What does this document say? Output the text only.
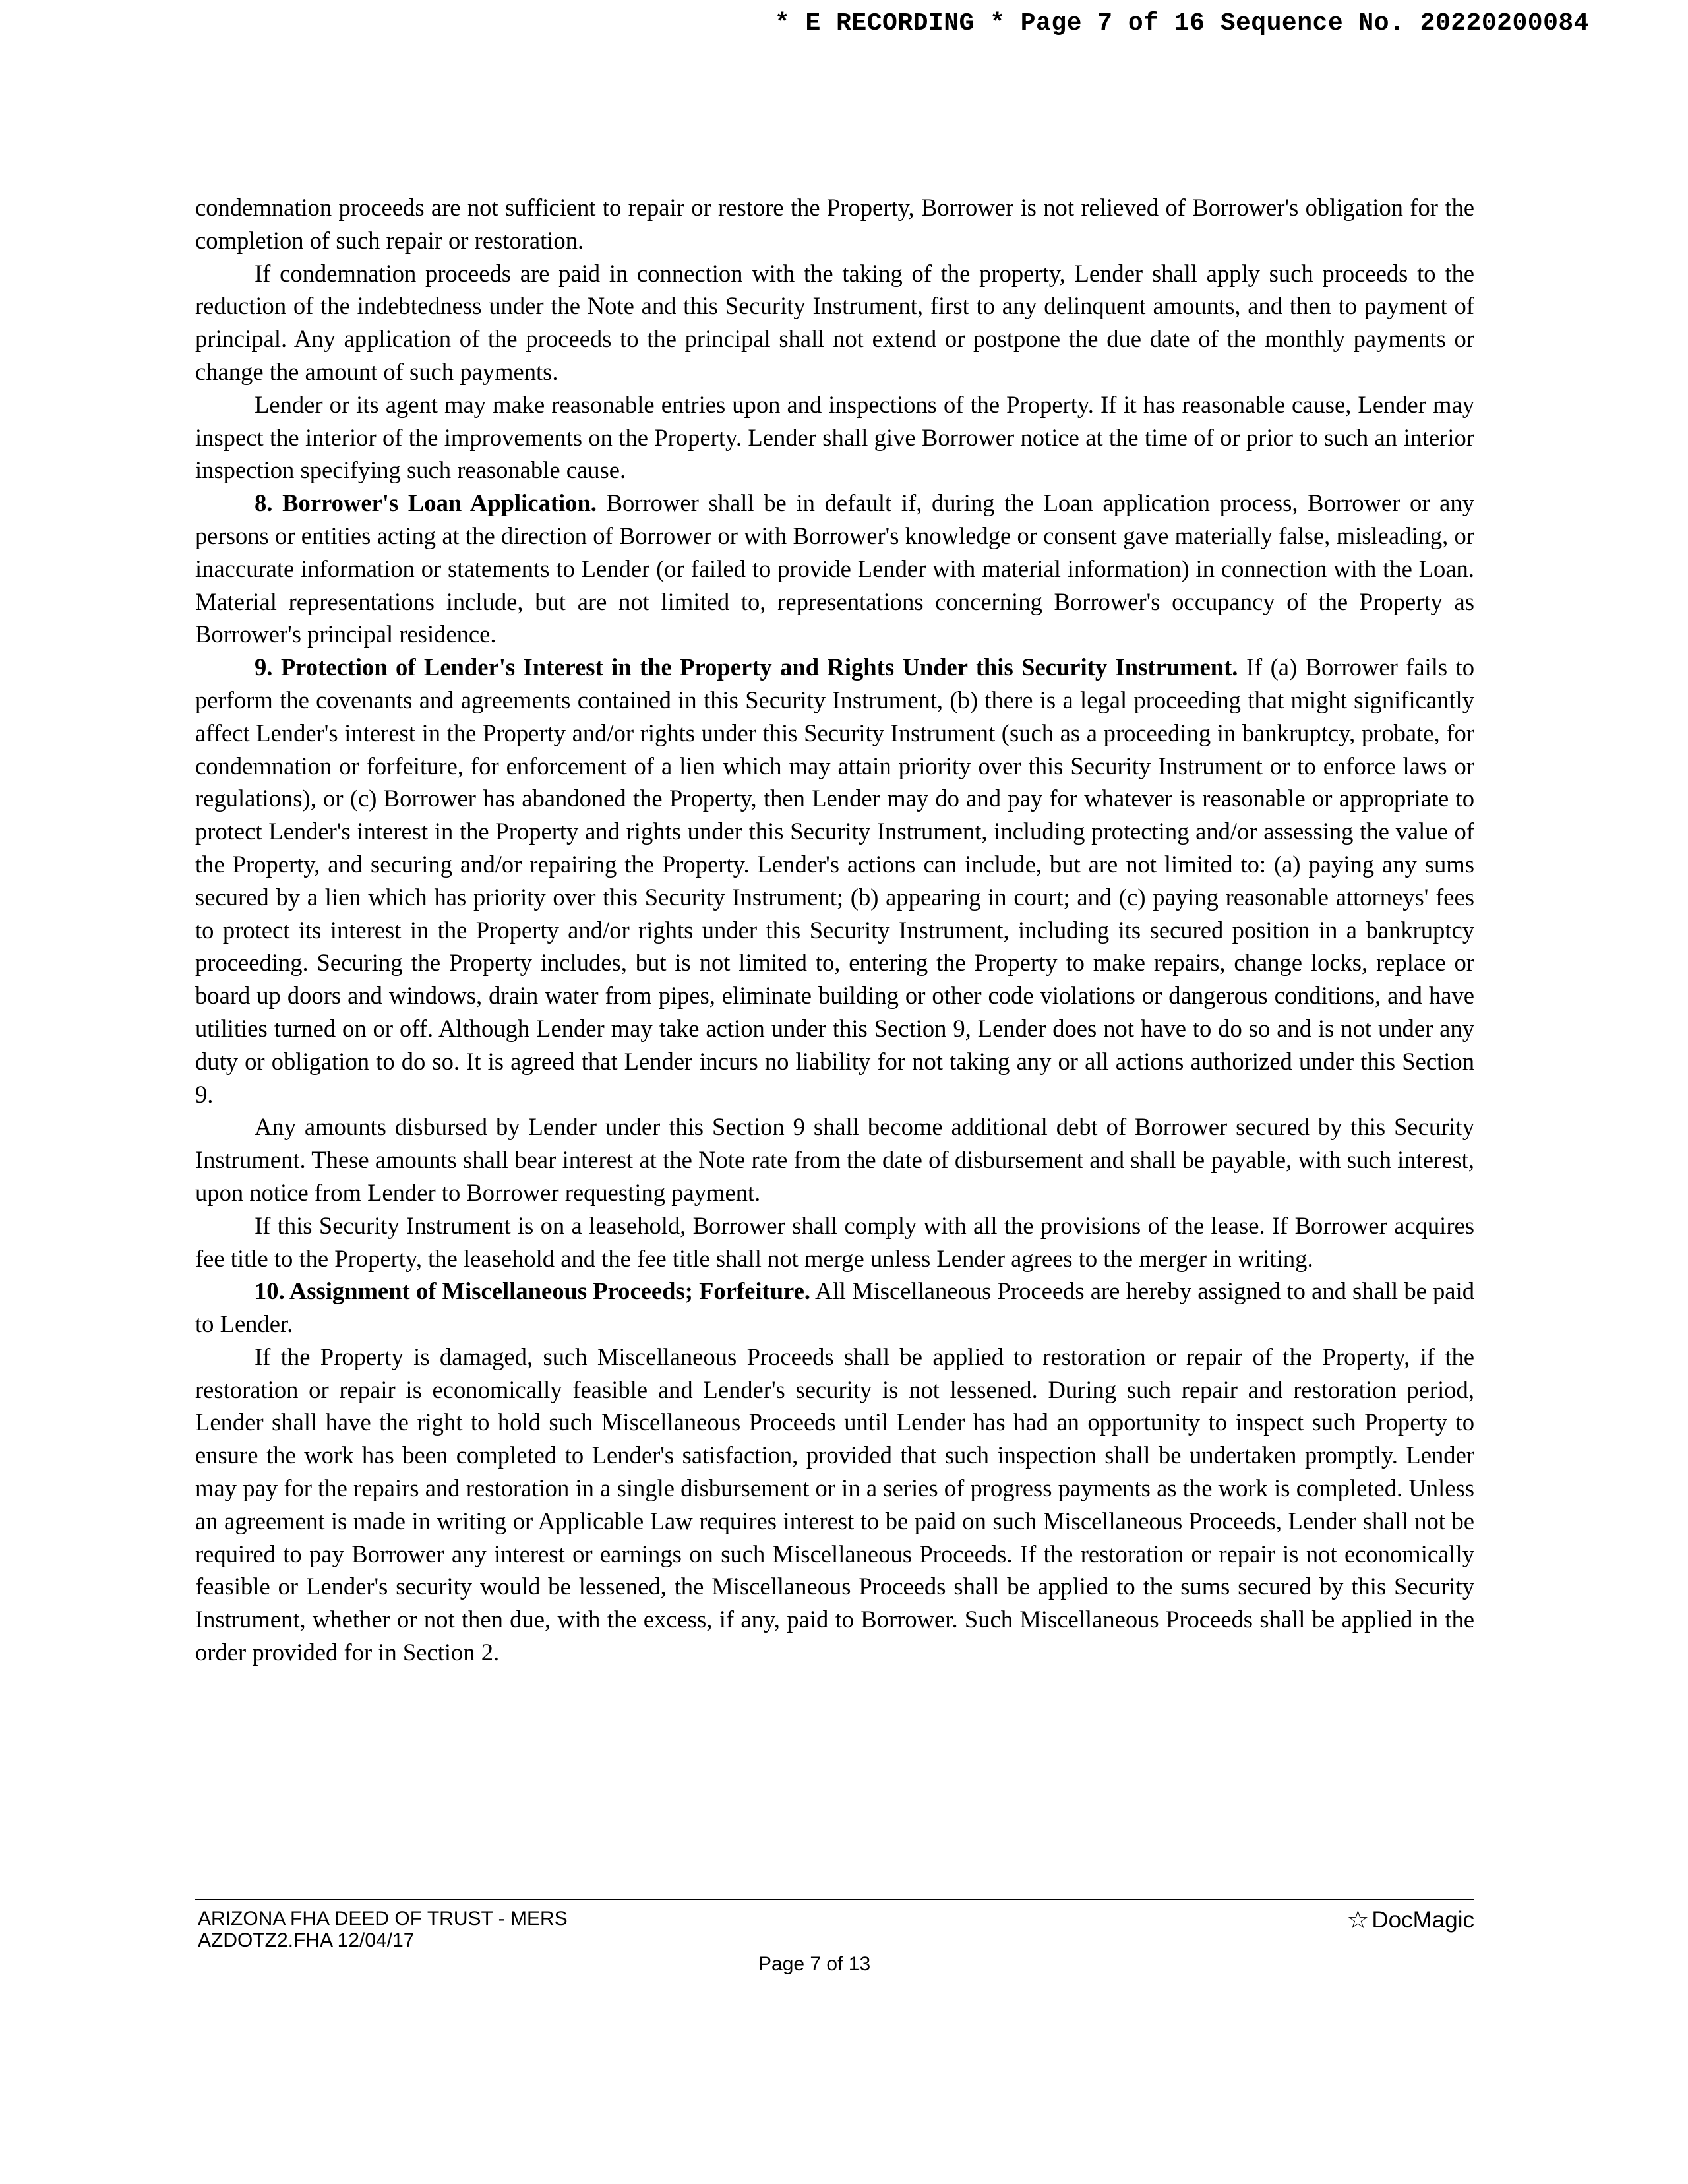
* E RECORDING * Page 7 of 16 Sequence No. 20220200084

condemnation proceeds are not sufficient to repair or restore the Property, Borrower is not relieved of Borrower's obligation for the completion of such repair or restoration.

If condemnation proceeds are paid in connection with the taking of the property, Lender shall apply such proceeds to the reduction of the indebtedness under the Note and this Security Instrument, first to any delinquent amounts, and then to payment of principal. Any application of the proceeds to the principal shall not extend or postpone the due date of the monthly payments or change the amount of such payments.

Lender or its agent may make reasonable entries upon and inspections of the Property. If it has reasonable cause, Lender may inspect the interior of the improvements on the Property. Lender shall give Borrower notice at the time of or prior to such an interior inspection specifying such reasonable cause.

8. Borrower's Loan Application. Borrower shall be in default if, during the Loan application process, Borrower or any persons or entities acting at the direction of Borrower or with Borrower's knowledge or consent gave materially false, misleading, or inaccurate information or statements to Lender (or failed to provide Lender with material information) in connection with the Loan. Material representations include, but are not limited to, representations concerning Borrower's occupancy of the Property as Borrower's principal residence.

9. Protection of Lender's Interest in the Property and Rights Under this Security Instrument. If (a) Borrower fails to perform the covenants and agreements contained in this Security Instrument, (b) there is a legal proceeding that might significantly affect Lender's interest in the Property and/or rights under this Security Instrument (such as a proceeding in bankruptcy, probate, for condemnation or forfeiture, for enforcement of a lien which may attain priority over this Security Instrument or to enforce laws or regulations), or (c) Borrower has abandoned the Property, then Lender may do and pay for whatever is reasonable or appropriate to protect Lender's interest in the Property and rights under this Security Instrument, including protecting and/or assessing the value of the Property, and securing and/or repairing the Property. Lender's actions can include, but are not limited to: (a) paying any sums secured by a lien which has priority over this Security Instrument; (b) appearing in court; and (c) paying reasonable attorneys' fees to protect its interest in the Property and/or rights under this Security Instrument, including its secured position in a bankruptcy proceeding. Securing the Property includes, but is not limited to, entering the Property to make repairs, change locks, replace or board up doors and windows, drain water from pipes, eliminate building or other code violations or dangerous conditions, and have utilities turned on or off. Although Lender may take action under this Section 9, Lender does not have to do so and is not under any duty or obligation to do so. It is agreed that Lender incurs no liability for not taking any or all actions authorized under this Section 9.

Any amounts disbursed by Lender under this Section 9 shall become additional debt of Borrower secured by this Security Instrument. These amounts shall bear interest at the Note rate from the date of disbursement and shall be payable, with such interest, upon notice from Lender to Borrower requesting payment.

If this Security Instrument is on a leasehold, Borrower shall comply with all the provisions of the lease. If Borrower acquires fee title to the Property, the leasehold and the fee title shall not merge unless Lender agrees to the merger in writing.

10. Assignment of Miscellaneous Proceeds; Forfeiture. All Miscellaneous Proceeds are hereby assigned to and shall be paid to Lender.

If the Property is damaged, such Miscellaneous Proceeds shall be applied to restoration or repair of the Property, if the restoration or repair is economically feasible and Lender's security is not lessened. During such repair and restoration period, Lender shall have the right to hold such Miscellaneous Proceeds until Lender has had an opportunity to inspect such Property to ensure the work has been completed to Lender's satisfaction, provided that such inspection shall be undertaken promptly. Lender may pay for the repairs and restoration in a single disbursement or in a series of progress payments as the work is completed. Unless an agreement is made in writing or Applicable Law requires interest to be paid on such Miscellaneous Proceeds, Lender shall not be required to pay Borrower any interest or earnings on such Miscellaneous Proceeds. If the restoration or repair is not economically feasible or Lender's security would be lessened, the Miscellaneous Proceeds shall be applied to the sums secured by this Security Instrument, whether or not then due, with the excess, if any, paid to Borrower. Such Miscellaneous Proceeds shall be applied in the order provided for in Section 2.

ARIZONA FHA DEED OF TRUST - MERS
AZDOTZ2.FHA 12/04/17
Page 7 of 13
☆ DocMagic
